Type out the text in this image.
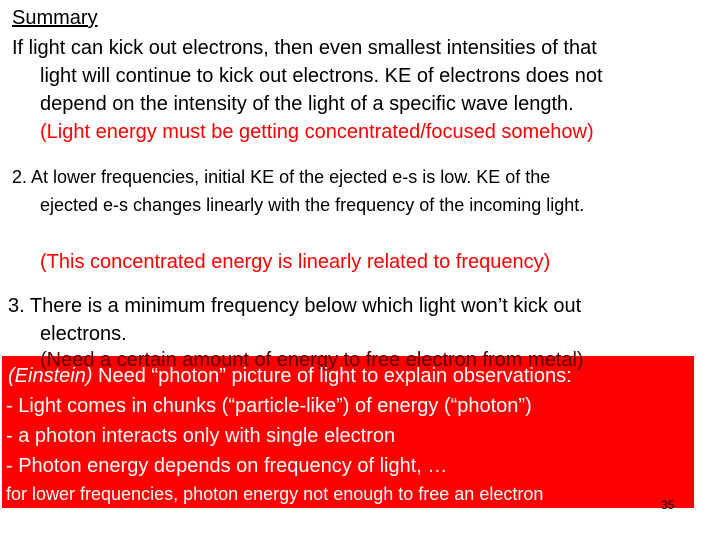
Summary
If light can kick out electrons, then even smallest intensities of that
light will continue to kick out electrons. KE of electrons does not
depend on the intensity of the light of a specific wave length.
(Light energy must be getting concentrated/focused somehow)
2. At lower frequencies, initial KE of the ejected e-s is low. KE of the
ejected e-s changes linearly with the frequency of the incoming light.
(This concentrated energy is linearly related to frequency)
3. There is a minimum frequency below which light won’t kick out
electrons.
(Need a certain amount of energy to free electron from metal)
(Einstein) Need “photon” picture of light to explain observations:
- Light comes in chunks (“particle-like”) of energy (“photon”)
- a photon interacts only with single electron
- Photon energy depends on frequency of light, …
for lower frequencies, photon energy not enough to free an electron
35
